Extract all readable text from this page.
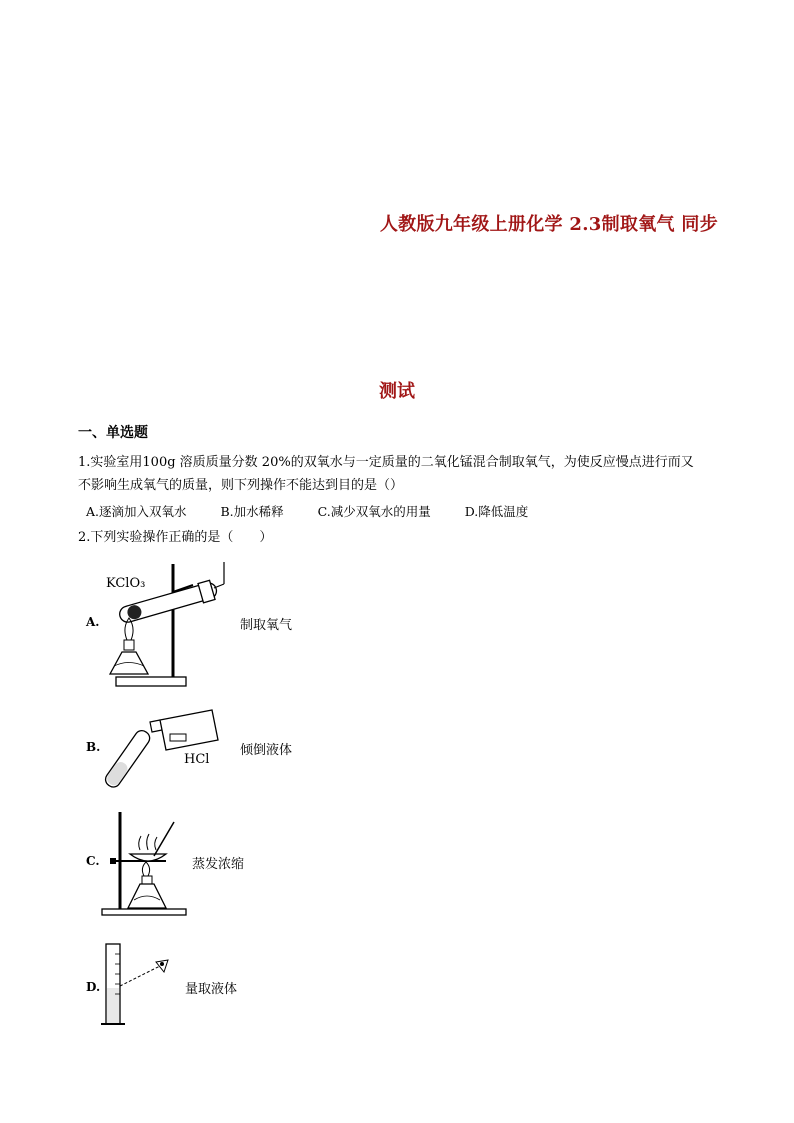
人教版九年级上册化学 2.3制取氧气 同步
测试
一、单选题
1.实验室用100g 溶质质量分数 20%的双氧水与一定质量的二氧化锰混合制取氧气，为使反应慢点进行而又
不影响生成氧气的质量，则下列操作不能达到目的是（）
A.逐滴加入双氧水	B.加水稀释	C.减少双氧水的用量	D.降低温度
2.下列实验操作正确的是（　　）
A.
KClO₃
制取氧气
B.
HCl
倾倒液体
C.	蒸发浓缩
D.	量取液体
